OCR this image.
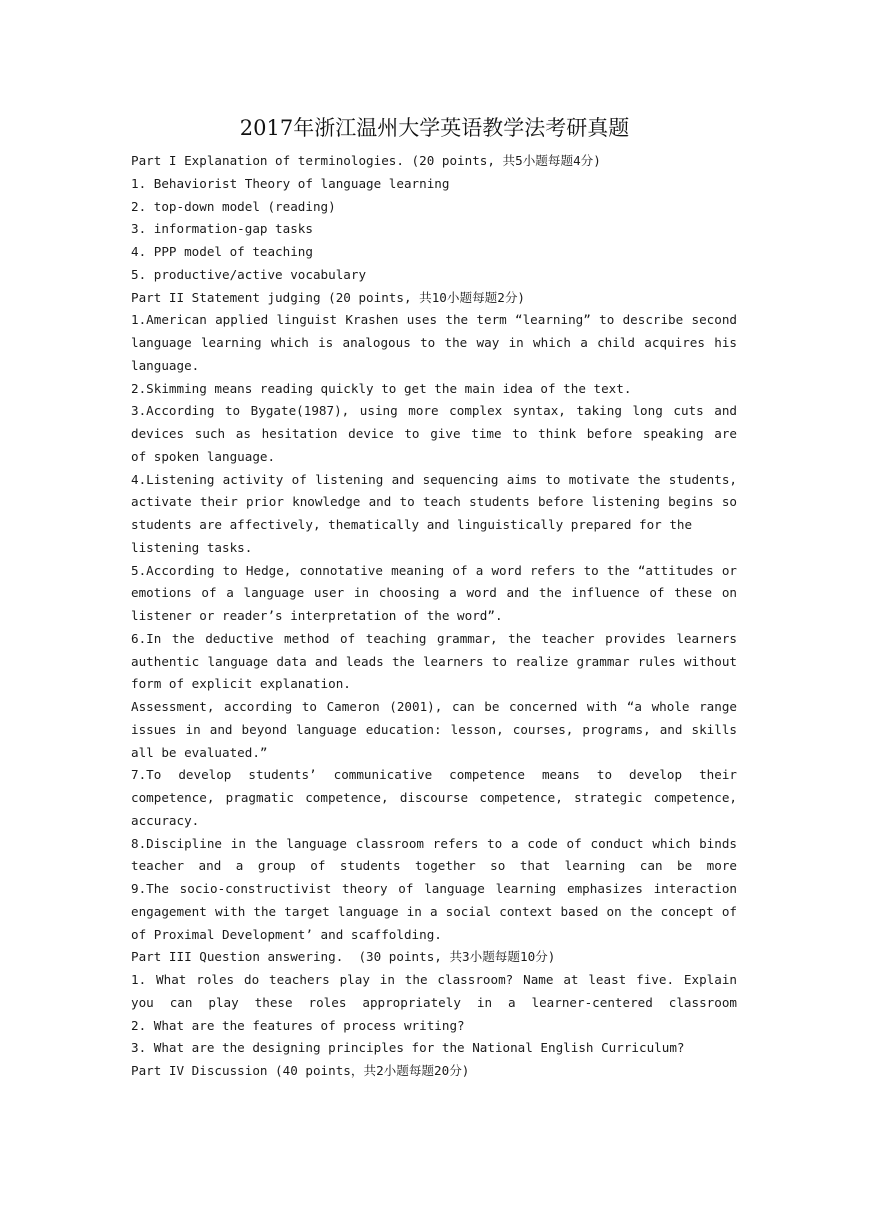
2017年浙江温州大学英语教学法考研真题
Part I Explanation of terminologies. (20 points, 共5小题每题4分)
1. Behaviorist Theory of language learning
2. top-down model (reading)
3. information-gap tasks
4. PPP model of teaching
5. productive/active vocabulary
Part II Statement judging (20 points, 共10小题每题2分)
1.American applied linguist Krashen uses the term “learning” to describe second
language learning which is analogous to the way in which a child acquires his
language.
2.Skimming means reading quickly to get the main idea of the text.
3.According to Bygate(1987), using more complex syntax, taking long cuts and
devices such as hesitation device to give time to think before speaking are
of spoken language.
4.Listening activity of listening and sequencing aims to motivate the students,
activate their prior knowledge and to teach students before listening begins so
students are affectively, thematically and linguistically prepared for the
listening tasks.
5.According to Hedge, connotative meaning of a word refers to the “attitudes or
emotions of a language user in choosing a word and the influence of these on
listener or reader’s interpretation of the word”.
6.In the deductive method of teaching grammar, the teacher provides learners
authentic language data and leads the learners to realize grammar rules without
form of explicit explanation.
Assessment, according to Cameron (2001), can be concerned with “a whole range
issues in and beyond language education: lesson, courses, programs, and skills
all be evaluated.”
7.To develop students’ communicative competence means to develop their
competence, pragmatic competence, discourse competence, strategic competence,
accuracy.
8.Discipline in the language classroom refers to a code of conduct which binds
teacher and a group of students together so that learning can be more
9.The socio-constructivist theory of language learning emphasizes interaction
engagement with the target language in a social context based on the concept of
of Proximal Development’ and scaffolding.
Part III Question answering.  (30 points, 共3小题每题10分)
1. What roles do teachers play in the classroom? Name at least five. Explain
you can play these roles appropriately in a learner-centered classroom
2. What are the features of process writing?
3. What are the designing principles for the National English Curriculum?
Part IV Discussion (40 points，共2小题每题20分)
